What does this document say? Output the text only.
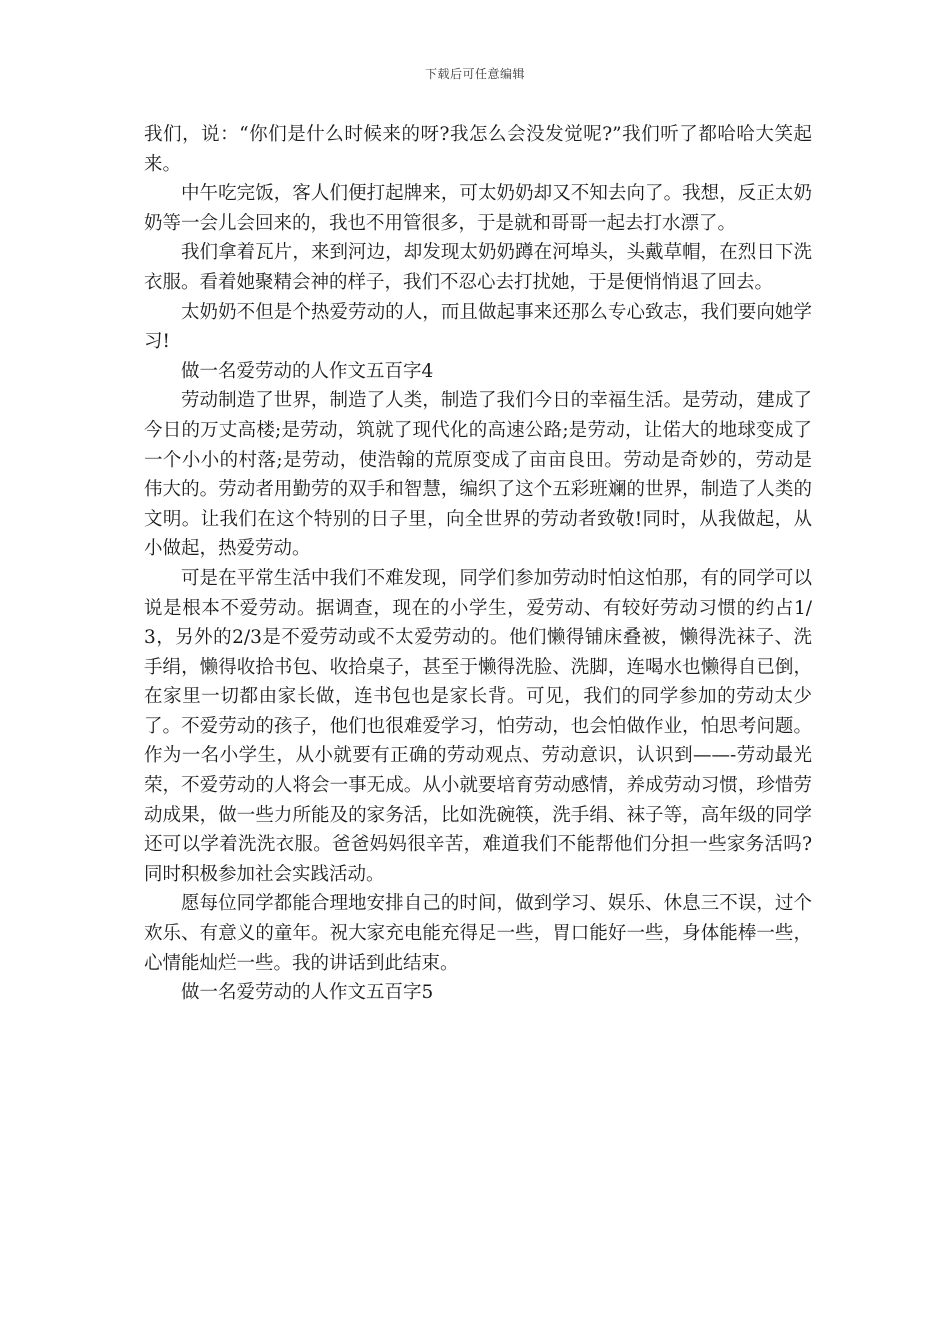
下载后可任意编辑

我们，说：“你们是什么时候来的呀?我怎么会没发觉呢?”我们听了都哈哈大笑起来。

中午吃完饭，客人们便打起牌来，可太奶奶却又不知去向了。我想，反正太奶奶等一会儿会回来的，我也不用管很多，于是就和哥哥一起去打水漂了。

我们拿着瓦片，来到河边，却发现太奶奶蹲在河埠头，头戴草帽，在烈日下洗衣服。看着她聚精会神的样子，我们不忍心去打扰她，于是便悄悄退了回去。

太奶奶不但是个热爱劳动的人，而且做起事来还那么专心致志，我们要向她学习!

做一名爱劳动的人作文五百字4

劳动制造了世界，制造了人类，制造了我们今日的幸福生活。是劳动，建成了今日的万丈高楼;是劳动，筑就了现代化的高速公路;是劳动，让偌大的地球变成了一个小小的村落;是劳动，使浩翰的荒原变成了亩亩良田。劳动是奇妙的，劳动是伟大的。劳动者用勤劳的双手和智慧，编织了这个五彩班斓的世界，制造了人类的文明。让我们在这个特别的日子里，向全世界的劳动者致敬!同时，从我做起，从小做起，热爱劳动。

可是在平常生活中我们不难发现，同学们参加劳动时怕这怕那，有的同学可以说是根本不爱劳动。据调查，现在的小学生，爱劳动、有较好劳动习惯的约占1/3，另外的2/3是不爱劳动或不太爱劳动的。他们懒得铺床叠被，懒得洗袜子、洗手绢，懒得收拾书包、收拾桌子，甚至于懒得洗脸、洗脚，连喝水也懒得自已倒，在家里一切都由家长做，连书包也是家长背。可见，我们的同学参加的劳动太少了。不爱劳动的孩子，他们也很难爱学习，怕劳动，也会怕做作业，怕思考问题。作为一名小学生，从小就要有正确的劳动观点、劳动意识，认识到——-劳动最光荣，不爱劳动的人将会一事无成。从小就要培育劳动感情，养成劳动习惯，珍惜劳动成果，做一些力所能及的家务活，比如洗碗筷，洗手绢、袜子等，高年级的同学还可以学着洗洗衣服。爸爸妈妈很辛苦，难道我们不能帮他们分担一些家务活吗?同时积极参加社会实践活动。

愿每位同学都能合理地安排自己的时间，做到学习、娱乐、休息三不误，过个欢乐、有意义的童年。祝大家充电能充得足一些，胃口能好一些，身体能棒一些，心情能灿烂一些。我的讲话到此结束。

做一名爱劳动的人作文五百字5
